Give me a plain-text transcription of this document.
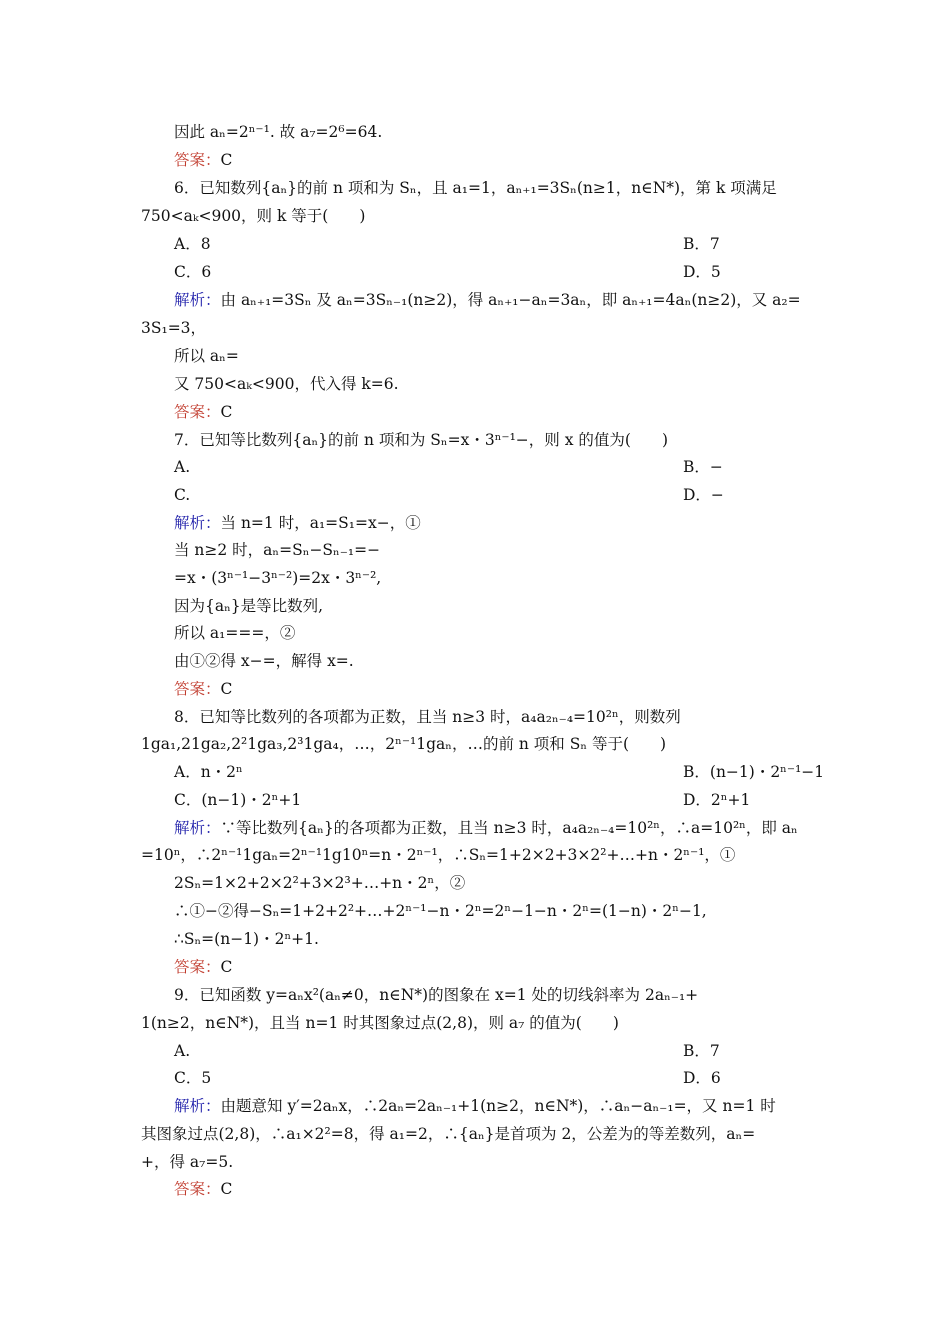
因此 aₙ=2ⁿ⁻¹. 故 a₇=2⁶=64.
答案：C
6．已知数列{aₙ}的前 n 项和为 Sₙ，且 a₁=1，aₙ₊₁=3Sₙ(n≥1，n∈N*)，第 k 项满足
750<aₖ<900，则 k 等于(　　)
A．8	B．7
C．6	D．5
解析：由 aₙ₊₁=3Sₙ 及 aₙ=3Sₙ₋₁(n≥2)，得 aₙ₊₁−aₙ=3aₙ，即 aₙ₊₁=4aₙ(n≥2)，又 a₂=
3S₁=3，
所以 aₙ=
又 750<aₖ<900，代入得 k=6.
答案：C
7．已知等比数列{aₙ}的前 n 项和为 Sₙ=x・3ⁿ⁻¹−，则 x 的值为(　　)
A.	B．−
C.	D．−
解析：当 n=1 时，a₁=S₁=x−，①
当 n≥2 时，aₙ=Sₙ−Sₙ₋₁=−
=x・(3ⁿ⁻¹−3ⁿ⁻²)=2x・3ⁿ⁻²,
因为{aₙ}是等比数列,
所以 a₁===，②
由①②得 x−=，解得 x=.
答案：C
8．已知等比数列的各项都为正数，且当 n≥3 时，a₄a₂ₙ₋₄=10²ⁿ，则数列
1ga₁,21ga₂,2²1ga₃,2³1ga₄，…，2ⁿ⁻¹1gaₙ，…的前 n 项和 Sₙ 等于(　　)
A．n・2ⁿ	B．(n−1)・2ⁿ⁻¹−1
C．(n−1)・2ⁿ+1	D．2ⁿ+1
解析：∵等比数列{aₙ}的各项都为正数，且当 n≥3 时，a₄a₂ₙ₋₄=10²ⁿ，∴a=10²ⁿ，即 aₙ
=10ⁿ，∴2ⁿ⁻¹1gaₙ=2ⁿ⁻¹1g10ⁿ=n・2ⁿ⁻¹，∴Sₙ=1+2×2+3×2²+…+n・2ⁿ⁻¹，①
2Sₙ=1×2+2×2²+3×2³+…+n・2ⁿ，②
∴①−②得−Sₙ=1+2+2²+…+2ⁿ⁻¹−n・2ⁿ=2ⁿ−1−n・2ⁿ=(1−n)・2ⁿ−1,
∴Sₙ=(n−1)・2ⁿ+1.
答案：C
9．已知函数 y=aₙx²(aₙ≠0，n∈N*)的图象在 x=1 处的切线斜率为 2aₙ₋₁+
1(n≥2，n∈N*)，且当 n=1 时其图象过点(2,8)，则 a₇ 的值为(　　)
A.	B．7
C．5	D．6
解析：由题意知 y′=2aₙx，∴2aₙ=2aₙ₋₁+1(n≥2，n∈N*)，∴aₙ−aₙ₋₁=，又 n=1 时
其图象过点(2,8)，∴a₁×2²=8，得 a₁=2，∴{aₙ}是首项为 2，公差为的等差数列，aₙ=
+，得 a₇=5.
答案：C
